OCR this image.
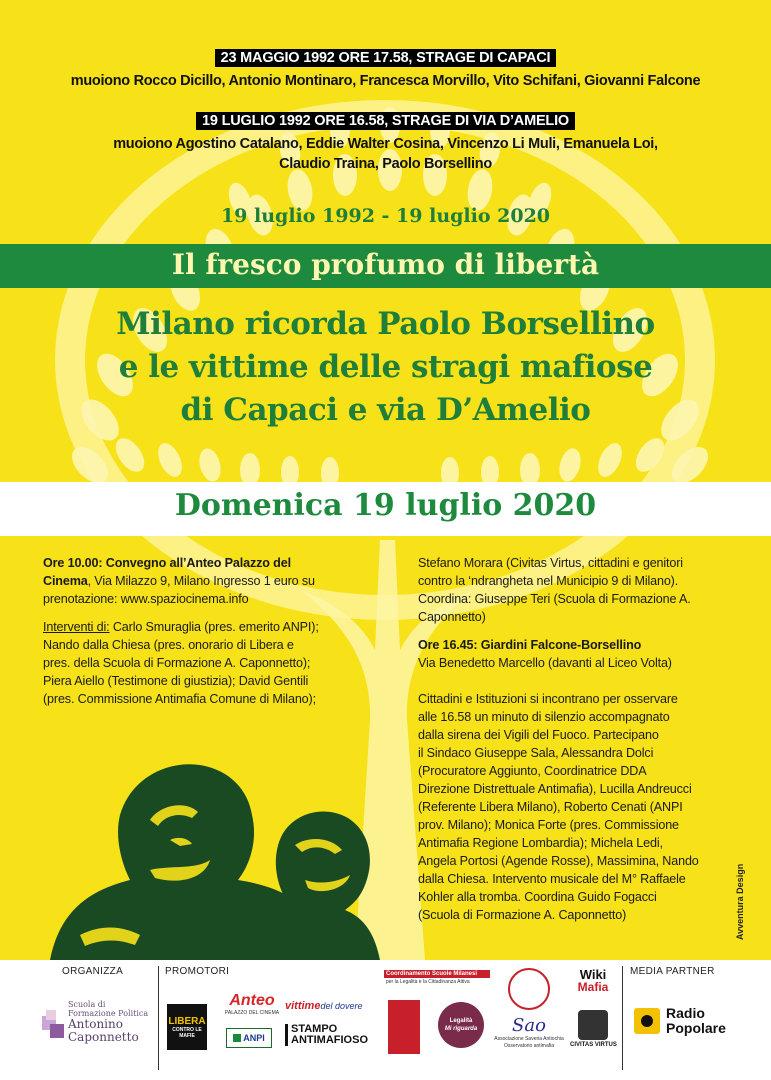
23 MAGGIO 1992 ORE 17.58, STRAGE DI CAPACI
muoiono Rocco Dicillo, Antonio Montinaro, Francesca Morvillo, Vito Schifani, Giovanni Falcone
19 LUGLIO 1992 ORE 16.58, STRAGE DI VIA D’AMELIO
muoiono Agostino Catalano, Eddie Walter Cosina, Vincenzo Li Muli, Emanuela Loi,
Claudio Traina, Paolo Borsellino
19 luglio 1992 - 19 luglio 2020
Il fresco profumo di libertà
Milano ricorda Paolo Borsellino
e le vittime delle stragi mafiose
di Capaci e via D’Amelio
Domenica 19 luglio 2020

Ore 10.00: Convegno all’Anteo Palazzo del

Cinema, Via Milazzo 9, Milano Ingresso 1 euro su

prenotazione: www.spaziocinema.info

Interventi di: Carlo Smuraglia (pres. emerito ANPI);

Nando dalla Chiesa (pres. onorario di Libera e

pres. della Scuola di Formazione A. Caponnetto);

Piera Aiello (Testimone di giustizia); David Gentili

(pres. Commissione Antimafia Comune di Milano);

Stefano Morara (Civitas Virtus, cittadini e genitori

contro la ‘ndrangheta nel Municipio 9 di Milano).

Coordina: Giuseppe Teri (Scuola di Formazione A.

Caponnetto)

Ore 16.45: Giardini Falcone-Borsellino

Via Benedetto Marcello (davanti al Liceo Volta)

Cittadini e Istituzioni si incontrano per osservare

alle 16.58 un minuto di silenzio accompagnato

dalla sirena dei Vigili del Fuoco. Partecipano

il Sindaco Giuseppe Sala, Alessandra Dolci

(Procuratore Aggiunto, Coordinatrice DDA

Direzione Distrettuale Antimafia), Lucilla Andreucci

(Referente Libera Milano), Roberto Cenati (ANPI

prov. Milano); Monica Forte (pres. Commissione

Antimafia Regione Lombardia); Michela Ledi,

Angela Portosi (Agende Rosse), Massimina, Nando

dalla Chiesa. Intervento musicale del M° Raffaele

Kohler alla tromba. Coordina Guido Fogacci

(Scuola di Formazione A. Caponnetto)	Avventura Design
ORGANIZZA	PROMOTORI	MEDIA PARTNER
Scuola di
Formazione Politica
Antonino
Caponnetto
LIBERA
CONTRO LE MAFIE
Anteo
PALAZZO DEL CINEMA
ANPI
vittimedel dovere
STAMPO
ANTIMAFIOSO
Coordinamento Scuole Milanesi
per la Legalità e la Cittadinanza Attiva
Legalità
Mi riguarda	Sao
Associazione Saveria Antiochia
Osservatorio antimafia
Wiki
Mafia
CIVITAS VIRTUS
Radio
Popolare
